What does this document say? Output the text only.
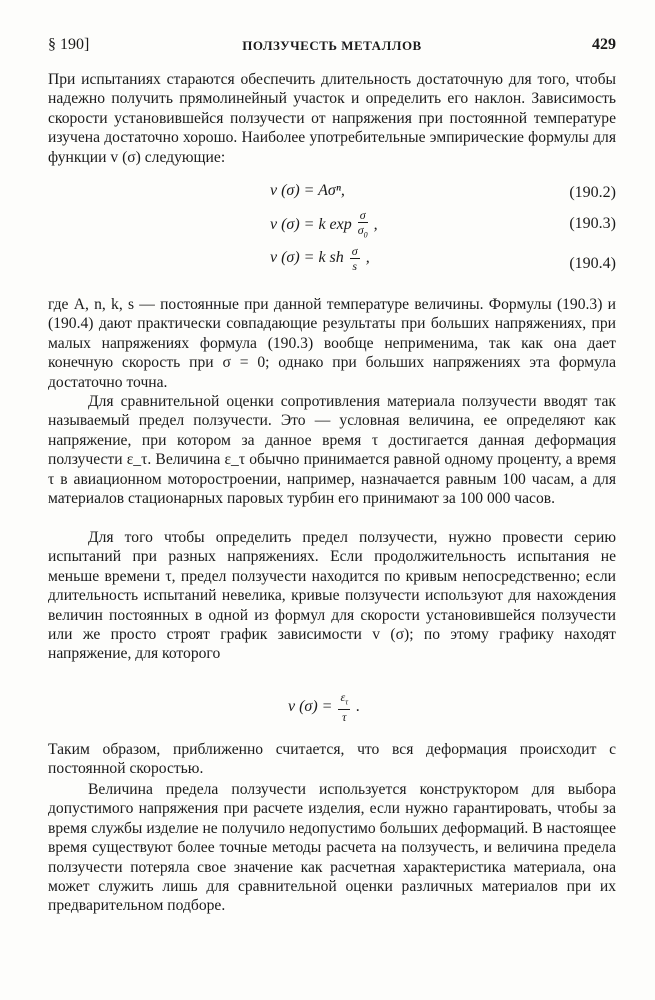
§ 190]	ПОЛЗУЧЕСТЬ МЕТАЛЛОВ	429

При испытаниях стараются обеспечить длительность достаточную для того, чтобы надежно получить прямолинейный участок и определить его наклон. Зависимость скорости установившейся ползучести от напряжения при постоянной температуре изучена достаточно хорошо. Наиболее употребительные эмпирические формулы для функции v (σ) следующие:

v (σ) = Aσⁿ,	(190.2)
v (σ) = k $\exp \frac{\sigma}{\sigma_0}$ ,	(190.3)
v (σ) = k sh $\frac{\sigma}{s}$ ,	(190.4)

где A, n, k, s — постоянные при данной температуре величины. Формулы (190.3) и (190.4) дают практически совпадающие результаты при больших напряжениях, при малых напряжениях формула (190.3) вообще неприменима, так как она дает конечную скорость при σ = 0; однако при больших напряжениях эта формула достаточно точна.

Для сравнительной оценки сопротивления материала ползучести вводят так называемый предел ползучести. Это — условная величина, ее определяют как напряжение, при котором за данное время τ достигается данная деформация ползучести ε_τ. Величина ε_τ обычно принимается равной одному проценту, а время τ в авиационном моторостроении, например, назначается равным 100 часам, а для материалов стационарных паровых турбин его принимают за 100 000 часов.

Для того чтобы определить предел ползучести, нужно провести серию испытаний при разных напряжениях. Если продолжительность испытания не меньше времени τ, предел ползучести находится по кривым непосредственно; если длительность испытаний невелика, кривые ползучести используют для нахождения величин постоянных в одной из формул для скорости установившейся ползучести или же просто строят график зависимости v (σ); по этому графику находят напряжение, для которого

v $(\sigma) = \frac{\varepsilon_\tau}{\tau}$ .

Таким образом, приближенно считается, что вся деформация происходит с постоянной скоростью.

Величина предела ползучести используется конструктором для выбора допустимого напряжения при расчете изделия, если нужно гарантировать, чтобы за время службы изделие не получило недопустимо больших деформаций. В настоящее время существуют более точные методы расчета на ползучесть, и величина предела ползучести потеряла свое значение как расчетная характеристика материала, она может служить лишь для сравнительной оценки различных материалов при их предварительном подборе.
